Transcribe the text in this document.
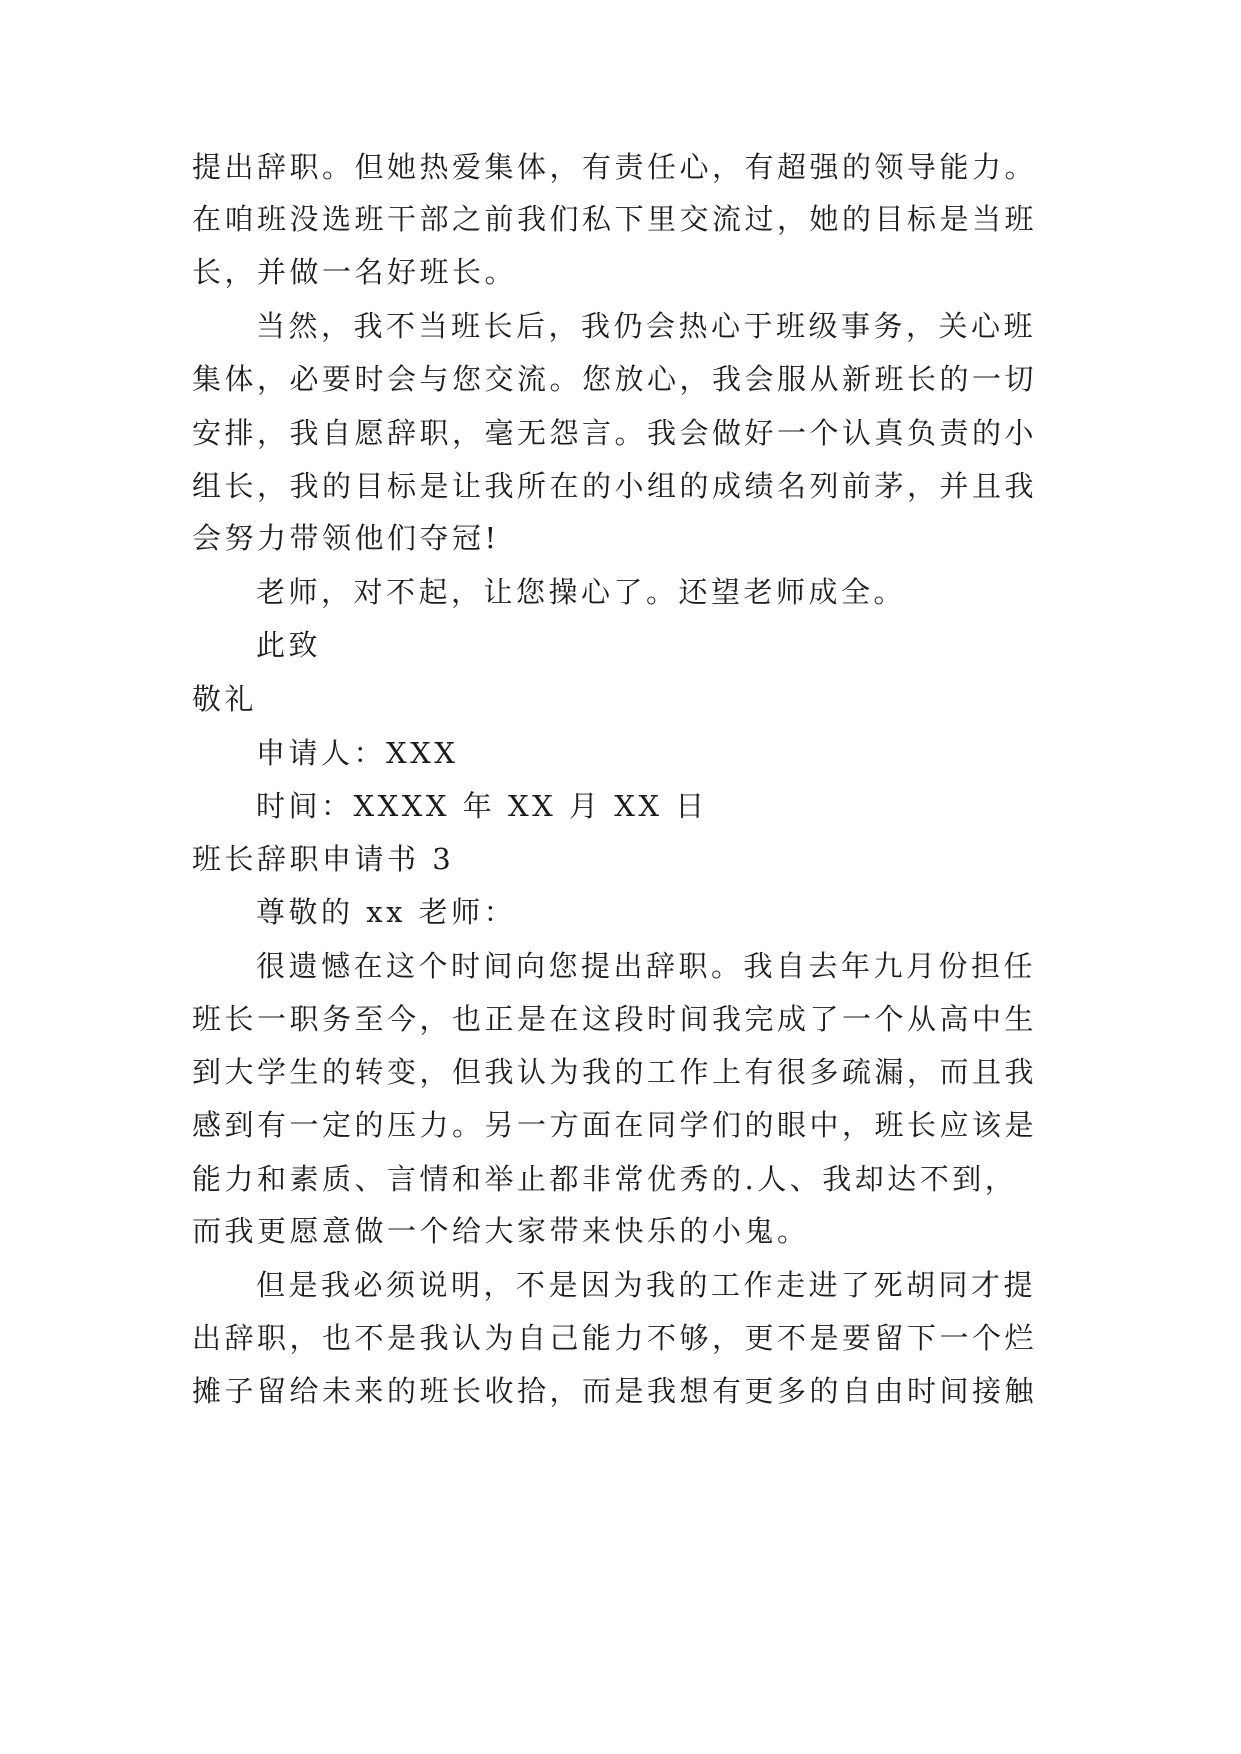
提出辞职。但她热爱集体，有责任心，有超强的领导能力。
在咱班没选班干部之前我们私下里交流过，她的目标是当班
长，并做一名好班长。
当然，我不当班长后，我仍会热心于班级事务，关心班
集体，必要时会与您交流。您放心，我会服从新班长的一切
安排，我自愿辞职，毫无怨言。我会做好一个认真负责的小
组长，我的目标是让我所在的小组的成绩名列前茅，并且我
会努力带领他们夺冠!
老师，对不起，让您操心了。还望老师成全。
此致
敬礼
申请人：XXX
时间：XXXX 年 XX 月 XX 日
班长辞职申请书 3
尊敬的 xx 老师：
很遗憾在这个时间向您提出辞职。我自去年九月份担任
班长一职务至今，也正是在这段时间我完成了一个从高中生
到大学生的转变，但我认为我的工作上有很多疏漏，而且我
感到有一定的压力。另一方面在同学们的眼中，班长应该是
能力和素质、言情和举止都非常优秀的.人、我却达不到，
而我更愿意做一个给大家带来快乐的小鬼。
但是我必须说明，不是因为我的工作走进了死胡同才提
出辞职，也不是我认为自己能力不够，更不是要留下一个烂
摊子留给未来的班长收拾，而是我想有更多的自由时间接触
